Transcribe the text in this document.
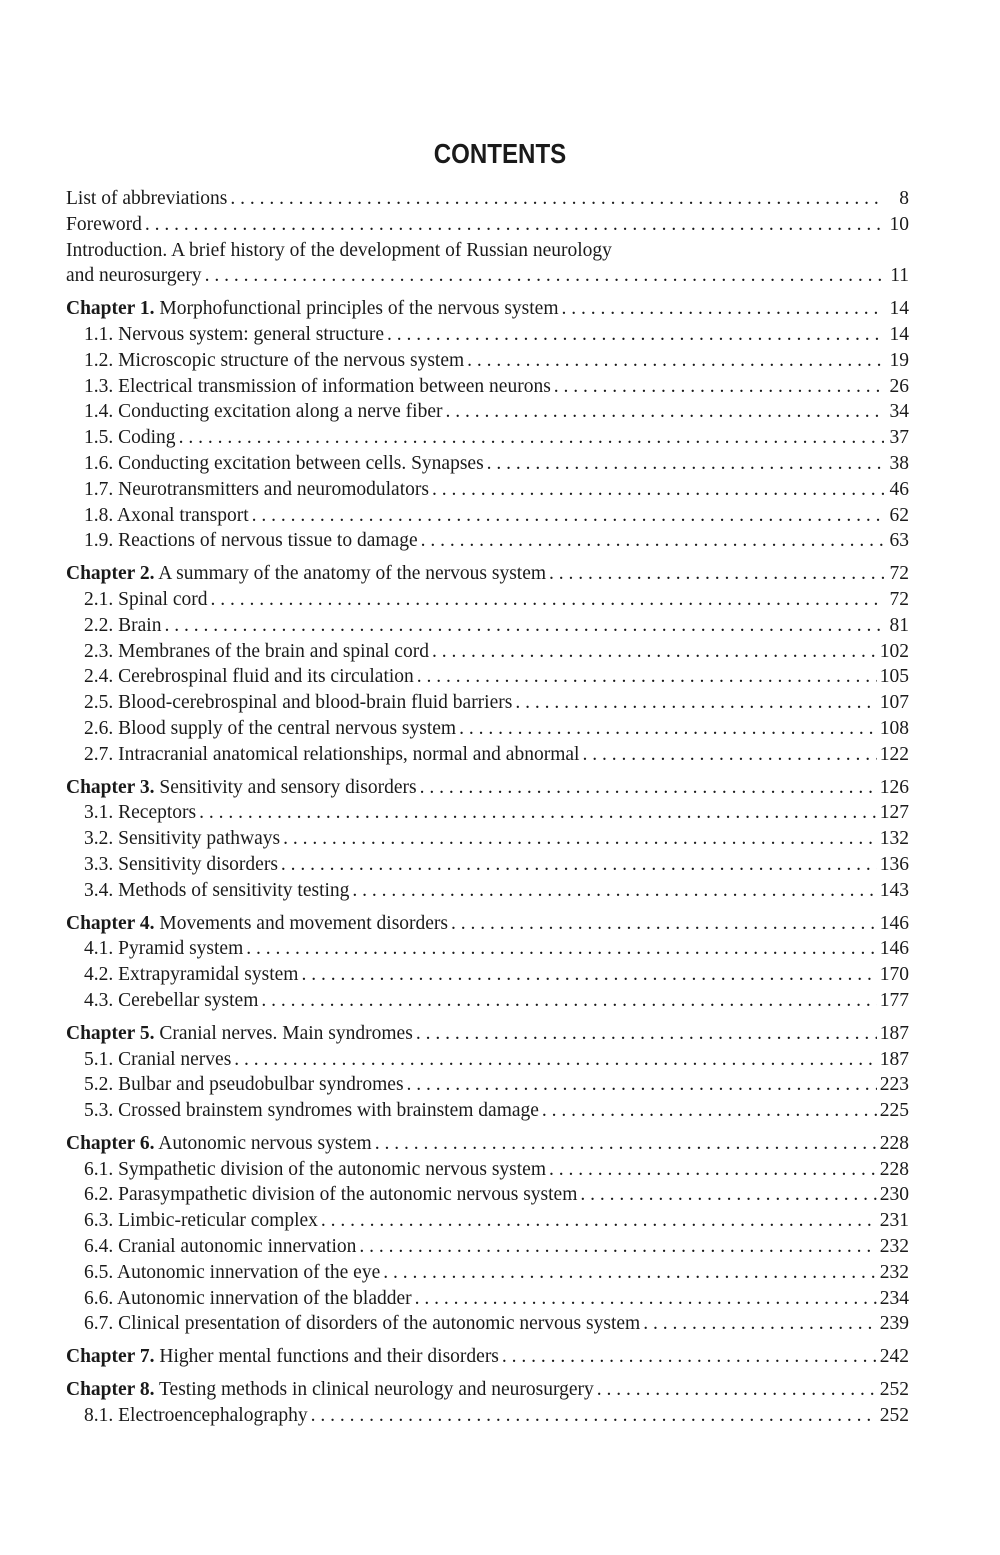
CONTENTS
List of abbreviations . . .	8
Foreword . . .	10
Introduction. A brief history of the development of Russian neurology
and neurosurgery . . .	11
Chapter 1. Morphofunctional principles of the nervous system . . .	14
1.1. Nervous system: general structure . . .	14
1.2. Microscopic structure of the nervous system . . .	19
1.3. Electrical transmission of information between neurons . . .	26
1.4. Conducting excitation along a nerve fiber . . .	34
1.5. Coding . . .	37
1.6. Conducting excitation between cells. Synapses . . .	38
1.7. Neurotransmitters and neuromodulators . . .	46
1.8. Axonal transport . . .	62
1.9. Reactions of nervous tissue to damage . . .	63
Chapter 2. A summary of the anatomy of the nervous system . . .	72
2.1. Spinal cord . . .	72
2.2. Brain . . .	81
2.3. Membranes of the brain and spinal cord . . .	102
2.4. Cerebrospinal fluid and its circulation . . .	105
2.5. Blood-cerebrospinal and blood-brain fluid barriers . . .	107
2.6. Blood supply of the central nervous system . . .	108
2.7. Intracranial anatomical relationships, normal and abnormal . . .	122
Chapter 3. Sensitivity and sensory disorders . . .	126
3.1. Receptors . . .	127
3.2. Sensitivity pathways . . .	132
3.3. Sensitivity disorders . . .	136
3.4. Methods of sensitivity testing . . .	143
Chapter 4. Movements and movement disorders . . .	146
4.1. Pyramid system . . .	146
4.2. Extrapyramidal system . . .	170
4.3. Cerebellar system . . .	177
Chapter 5. Cranial nerves. Main syndromes . . .	187
5.1. Cranial nerves . . .	187
5.2. Bulbar and pseudobulbar syndromes . . .	223
5.3. Crossed brainstem syndromes with brainstem damage . . .	225
Chapter 6. Autonomic nervous system . . .	228
6.1. Sympathetic division of the autonomic nervous system . . .	228
6.2. Parasympathetic division of the autonomic nervous system . . .	230
6.3. Limbic-reticular complex . . .	231
6.4. Cranial autonomic innervation . . .	232
6.5. Autonomic innervation of the eye . . .	232
6.6. Autonomic innervation of the bladder . . .	234
6.7. Clinical presentation of disorders of the autonomic nervous system . . .	239
Chapter 7. Higher mental functions and their disorders . . .	242
Chapter 8. Testing methods in clinical neurology and neurosurgery . . .	252
8.1. Electroencephalography . . .	252
